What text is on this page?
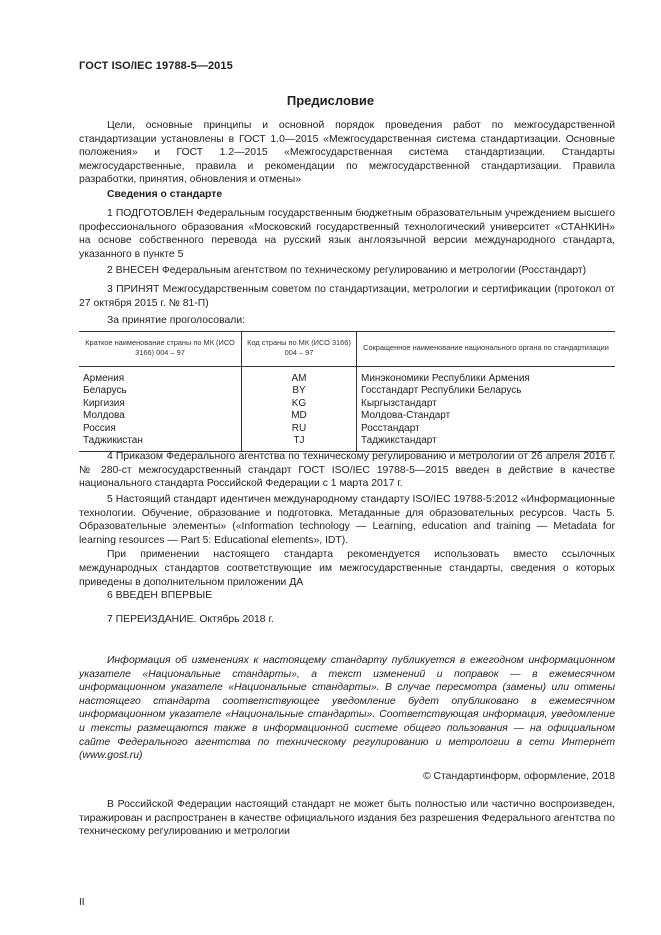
ГОСТ ISO/IEC 19788-5—2015
Предисловие

Цели, основные принципы и основной порядок проведения работ по межгосударственной стандартизации установлены в ГОСТ 1.0—2015 «Межгосударственная система стандартизации. Основные положения» и ГОСТ 1.2—2015 «Межгосударственная система стандартизации. Стандарты межгосударственные, правила и рекомендации по межгосударственной стандартизации. Правила разработки, принятия, обновления и отмены»

Сведения о стандарте

1 ПОДГОТОВЛЕН Федеральным государственным бюджетным образовательным учреждением высшего профессионального образования «Московский государственный технологический университет «СТАНКИН» на основе собственного перевода на русский язык англоязычной версии международного стандарта, указанного в пункте 5

2 ВНЕСЕН Федеральным агентством по техническому регулированию и метрологии (Росстандарт)

3 ПРИНЯТ Межгосударственным советом по стандартизации, метрологии и сертификации (протокол от 27 октября 2015 г. № 81-П)

За принятие проголосовали:

Краткое наименование страны по МК (ИСО 3166) 004 – 97	Код страны по МК (ИСО 3166) 004 – 97	Сокращенное наименование национального органа по стандартизации
Армения	AM	Минэкономики Республики Армения
Беларусь	BY	Госстандарт Республики Беларусь
Киргизия	KG	Кыргызстандарт
Молдова	MD	Молдова-Стандарт
Россия	RU	Росстандарт
Таджикистан	TJ	Таджикстандарт

4 Приказом Федерального агентства по техническому регулированию и метрологии от 26 апреля 2016 г. № 280-ст межгосударственный стандарт ГОСТ ISO/IEC 19788-5—2015 введен в действие в качестве национального стандарта Российской Федерации с 1 марта 2017 г.

5 Настоящий стандарт идентичен международному стандарту ISO/IEC 19788-5:2012 «Информационные технологии. Обучение, образование и подготовка. Метаданные для образовательных ресурсов. Часть 5. Образовательные элементы» («Information technology — Learning, education and training — Metadata for learning resources — Part 5: Educational elements», IDT).

При применении настоящего стандарта рекомендуется использовать вместо ссылочных международных стандартов соответствующие им межгосударственные стандарты, сведения о которых приведены в дополнительном приложении ДА

6 ВВЕДЕН ВПЕРВЫЕ

7 ПЕРЕИЗДАНИЕ. Октябрь 2018 г.

Информация об изменениях к настоящему стандарту публикуется в ежегодном информационном указателе «Национальные стандарты», а текст изменений и поправок — в ежемесячном информационном указателе «Национальные стандарты». В случае пересмотра (замены) или отмены настоящего стандарта соответствующее уведомление будет опубликовано в ежемесячном информационном указателе «Национальные стандарты». Соответствующая информация, уведомление и тексты размещаются также в информационной системе общего пользования — на официальном сайте Федерального агентства по техническому регулированию и метрологии в сети Интернет (www.gost.ru)

© Стандартинформ, оформление, 2018

В Российской Федерации настоящий стандарт не может быть полностью или частично воспроизведен, тиражирован и распространен в качестве официального издания без разрешения Федерального агентства по техническому регулированию и метрологии

II
